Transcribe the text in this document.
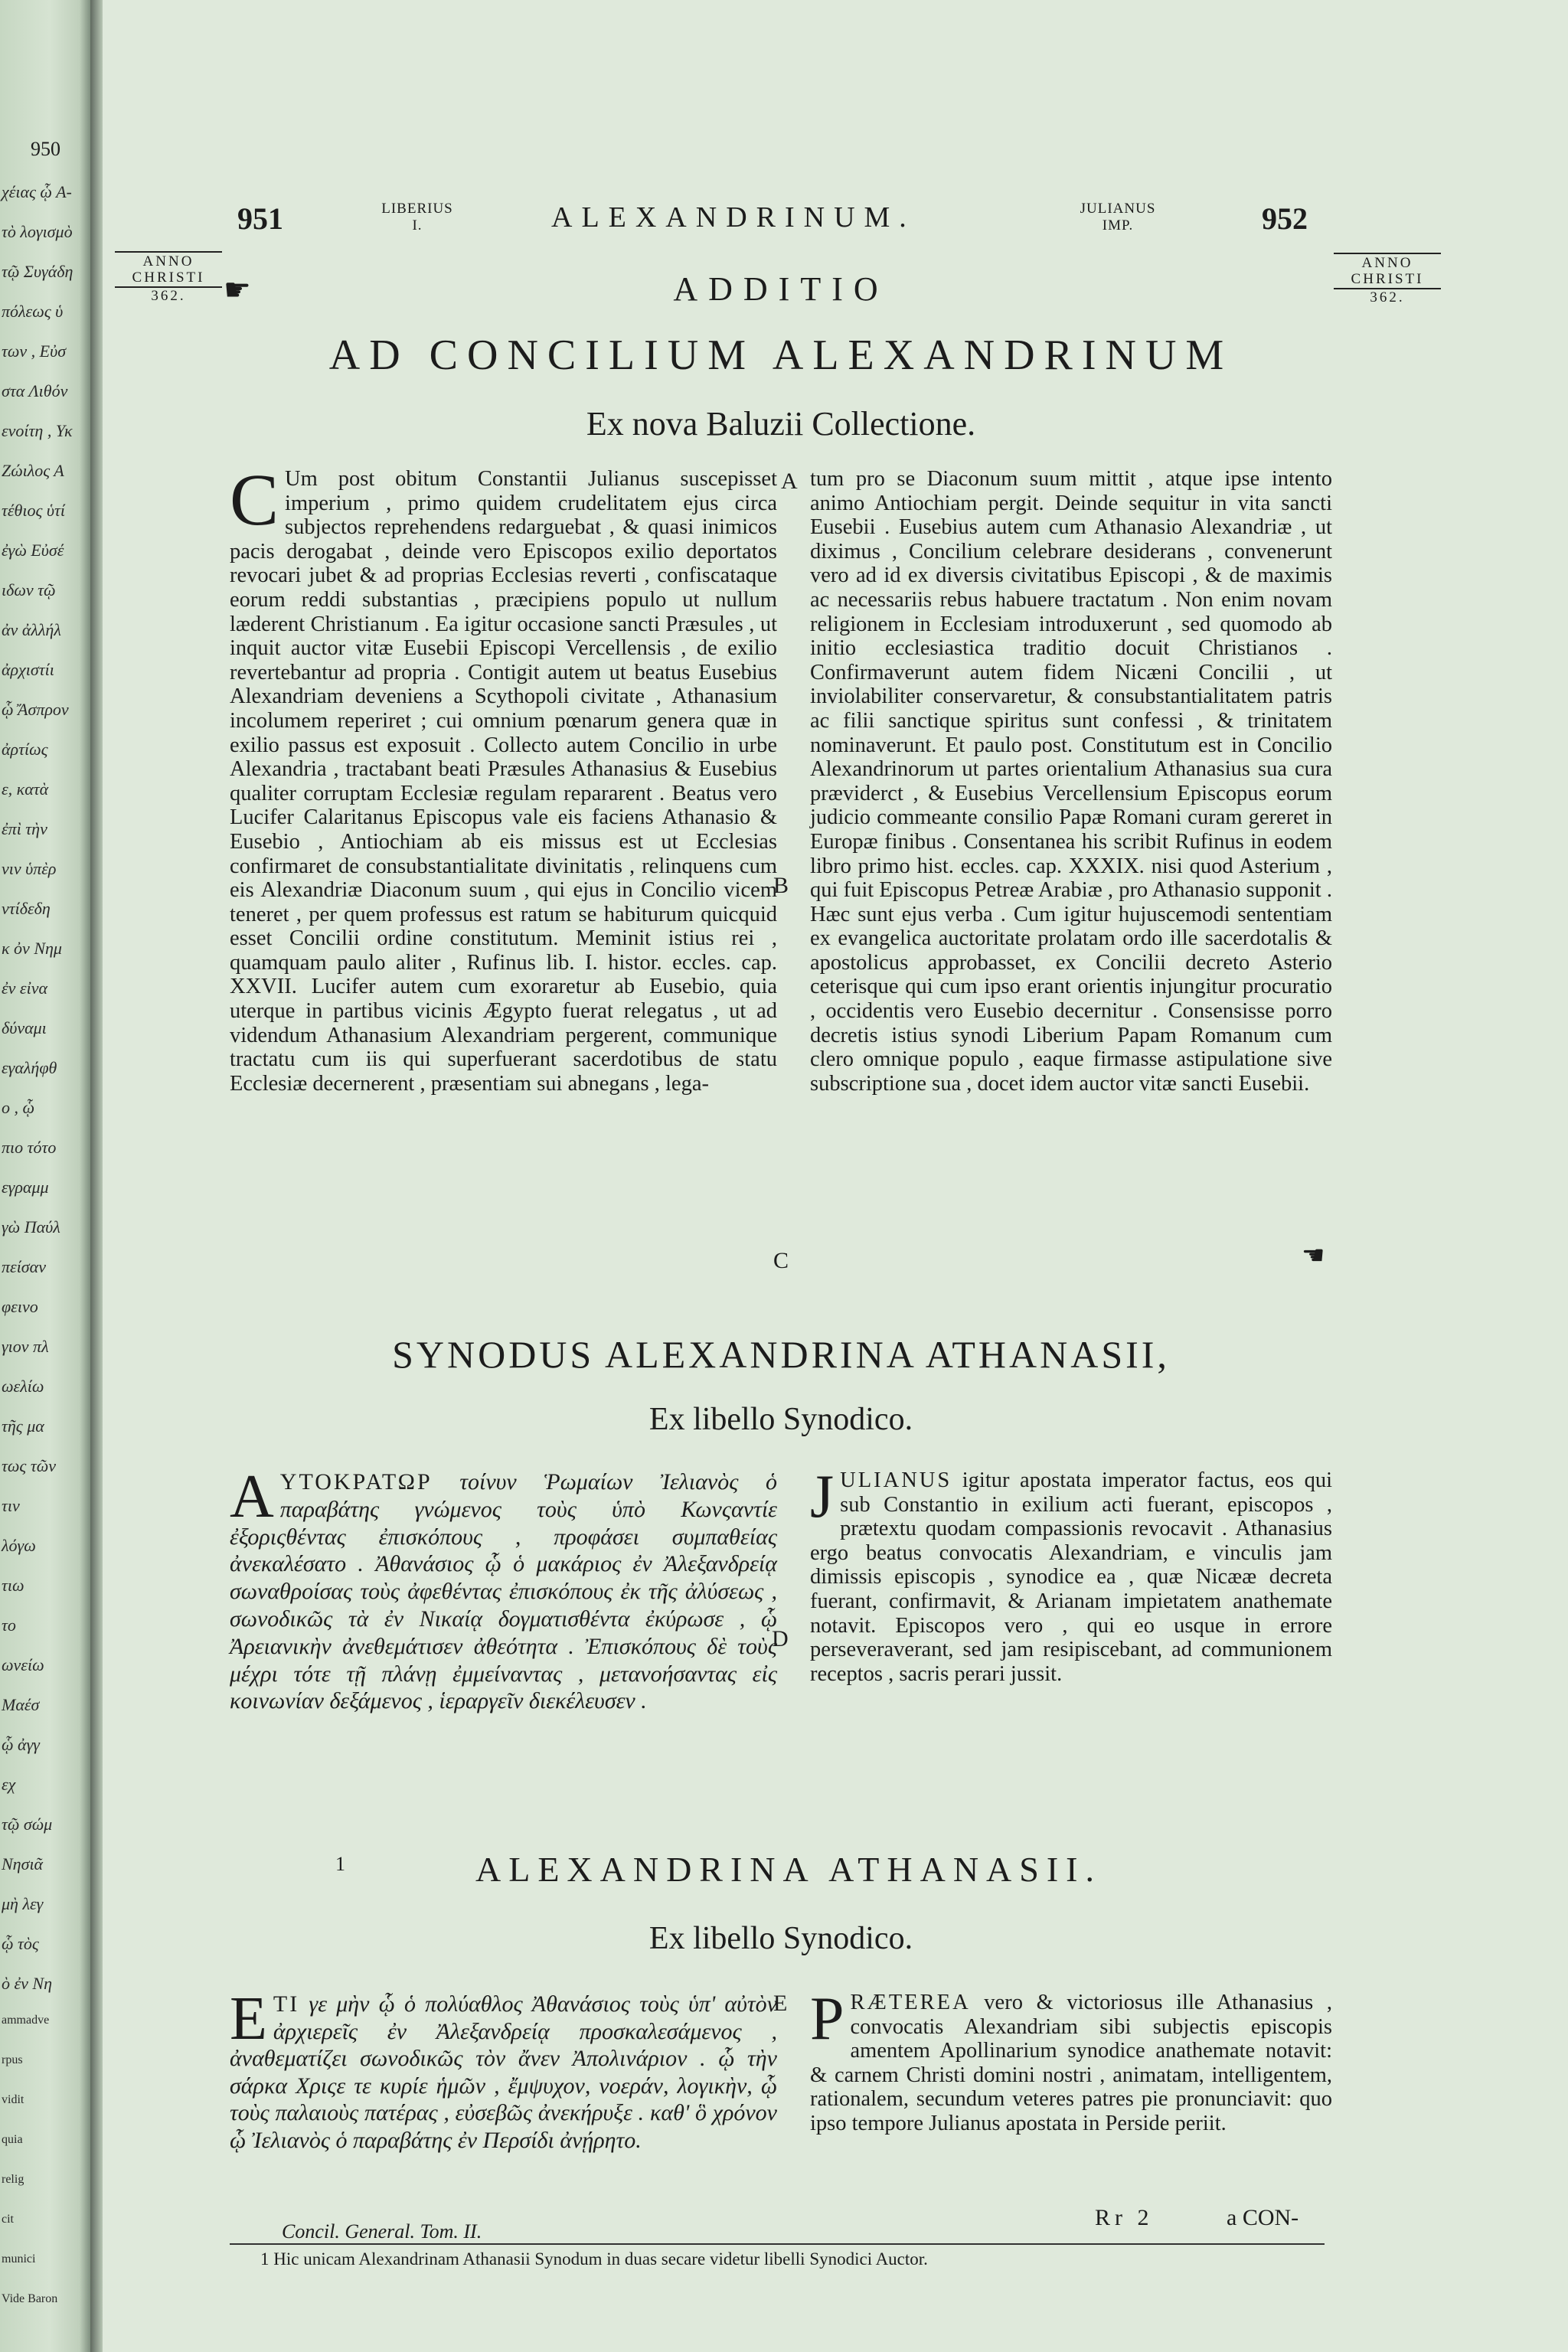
950
χέιας ᾧ Α-
τὸ λογισμὸ
τῷ Συγάδη
πόλεως ὑ
των , Εὐσ
στα Λιθόν
ενοίτη , Υκ
Ζώιλος Α
τέθιος ὑτί
ἐγὼ Εὐσέ
ιδων τῷ
ἀν ἀλλήλ
ἀρχιστίι
ᾧ Ἄσπρον
ἀρτίως
ε, κατὰ
ἐπὶ τὴν
νιν ὑπὲρ
ντίδεδη
κ ὀν Νημ
ἐν εἰνα
δύναμι
εγαλήφθ
ο , ᾧ
πιο τότο
εγραμμ
γὼ Παύλ
πείσαν
φεινο
γιον πλ
ωελίω
τῆς μα
τως τῶν
τιν
λόγω
τιω
το
ωνείω
Μαέσ
ᾧ ἀγγ
εχ
τῷ σώμ
Νησιᾶ
μὴ λεγ
ᾧ τὸς
ὸ ἐν Νη
ammadve
rpus
vidit
quia
relig
cit
munici
Vide Baron
951	LIBERIUS
I.	ALEXANDRINUM.	JULIANUS
IMP.	952
ANNO
CHRISTI
362.	☛
ANNO
CHRISTI
362.
ADDITIO
AD CONCILIUM ALEXANDRINUM
Ex nova Baluzii Collectione.

C Um post obitum Constantii Julianus suscepisset imperium , primo quidem crudelitatem ejus circa subjectos reprehendens redarguebat , & quasi inimicos pacis derogabat , deinde vero Episcopos exilio deportatos revocari jubet & ad proprias Ecclesias reverti , confiscataque eorum reddi substantias , præcipiens populo ut nullum læderent Christianum . Ea igitur occasione sancti Præsules , ut inquit auctor vitæ Eusebii Episcopi Vercellensis , de exilio revertebantur ad propria . Contigit autem ut beatus Eusebius Alexandriam deveniens a Scythopoli civitate , Athanasium incolumem reperiret ; cui omnium pœnarum genera quæ in exilio passus est exposuit . Collecto autem Concilio in urbe Alexandria , tractabant beati Præsules Athanasius & Eusebius qualiter corruptam Ecclesiæ regulam repararent . Beatus vero Lucifer Calaritanus Episcopus vale eis faciens Athanasio & Eusebio , Antiochiam ab eis missus est ut Ecclesias confirmaret de consubstantialitate divinitatis , relinquens cum eis Alexandriæ Diaconum suum , qui ejus in Concilio vicem teneret , per quem professus est ratum se habiturum quicquid esset Concilii ordine constitutum. Meminit istius rei , quamquam paulo aliter , Rufinus lib. I. histor. eccles. cap. XXVII. Lucifer autem cum exoraretur ab Eusebio, quia uterque in partibus vicinis Ægypto fuerat relegatus , ut ad videndum Athanasium Alexandriam pergerent, communique tractatu cum iis qui superfuerant sacerdotibus de statu Ecclesiæ decernerent , præsentiam sui abnegans , lega-

tum pro se Diaconum suum mittit , atque ipse intento animo Antiochiam pergit. Deinde sequitur in vita sancti Eusebii . Eusebius autem cum Athanasio Alexandriæ , ut diximus , Concilium celebrare desiderans , convenerunt vero ad id ex diversis civitatibus Episcopi , & de maximis ac necessariis rebus habuere tractatum . Non enim novam religionem in Ecclesiam introduxerunt , sed quomodo ab initio ecclesiastica traditio docuit Christianos . Confirmaverunt autem fidem Nicæni Concilii , ut inviolabiliter conservaretur, & consubstantialitatem patris ac filii sanctique spiritus sunt confessi , & trinitatem nominaverunt. Et paulo post. Constitutum est in Concilio Alexandrinorum ut partes orientalium Athanasius sua cura præviderct , & Eusebius Vercellensium Episcopus eorum judicio commeante consilio Papæ Romani curam gereret in Europæ finibus . Consentanea his scribit Rufinus in eodem libro primo hist. eccles. cap. XXXIX. nisi quod Asterium , qui fuit Episcopus Petreæ Arabiæ , pro Athanasio supponit . Hæc sunt ejus verba . Cum igitur hujuscemodi sententiam ex evangelica auctoritate prolatam ordo ille sacerdotalis & apostolicus approbasset, ex Concilii decreto Asterio ceterisque qui cum ipso erant orientis injungitur procuratio , occidentis vero Eusebio decernitur . Consensisse porro decretis istius synodi Liberium Papam Romanum cum clero omnique populo , eaque firmasse astipulatione sive subscriptione sua , docet idem auctor vitæ sancti Eusebii.

A
B
C	☚
SYNODUS ALEXANDRINA ATHANASII,
Ex libello Synodico.

ΑΥΤΟΚΡΑΤΩΡ τοίνυν Ῥωμαίων Ἰελιανὸς ὁ παραβάτης γνώμενος τοὺς ὑπὸ Κωνςαντίε ἐξοριςθέντας ἐπισκόπους , προφάσει συμπαθείας ἀνεκαλέσατο . Ἀθανάσιος ᾧ ὁ μακάριος ἐν Ἀλεξανδρείᾳ σωναθροίσας τοὺς ἀφεθέντας ἐπισκόπους ἐκ τῆς ἀλύσεως , σωνοδικῶς τὰ ἐν Νικαίᾳ δογματισθέντα ἐκύρωσε , ᾧ Ἀρειανικὴν ἀνεθεμάτισεν ἀθεότητα . Ἐπισκόπους δὲ τοὺς μέχρι τότε τῇ πλάνῃ ἐμμείναντας , μετανοήσαντας εἰς κοινωνίαν δεξάμενος , ἱεραργεῖν διεκέλευσεν .

D

JULIANUS igitur apostata imperator factus, eos qui sub Constantio in exilium acti fuerant, episcopos , prætextu quodam compassionis revocavit . Athanasius ergo beatus convocatis Alexandriam, e vinculis jam dimissis episcopis , synodice ea , quæ Nicææ decreta fuerant, confirmavit, & Arianam impietatem anathemate notavit. Episcopos vero , qui eo usque in errore perseveraverant, sed jam resipiscebant, ad communionem receptos , sacris perari jussit.

1	ALEXANDRINA ATHANASII.
Ex libello Synodico.

ΕΤΙ γε μὴν ᾧ ὁ πολύαθλος Ἀθανάσιος τοὺς ὑπ' αὐτὸν ἀρχιερεῖς ἐν Ἀλεξανδρείᾳ προσκαλεσάμενος , ἀναθεματίζει σωνοδικῶς τὸν ἄνεν Ἀπολινάριον . ᾧ τὴν σάρκα Χριςε τε κυρίε ἡμῶν , ἔμψυχον, νοεράν, λογικὴν, ᾧ τοὺς παλαιοὺς πατέρας , εὐσεβῶς ἀνεκήρυξε . καθ' ὃ χρόνον ᾧ Ἰελιανὸς ὁ παραβάτης ἐν Περσίδι ἀνῄρητο.

E PRÆTEREA vero & victoriosus ille Athanasius , convocatis Alexandriam sibi subjectis episcopis amentem Apollinarium synodice anathemate notavit: & carnem Christi domini nostri , animatam, intelligentem, rationalem, secundum veteres patres pie pronunciavit: quo ipso tempore Julianus apostata in Perside periit.

Concil. General. Tom. II.
Rr 2	a CON-
1 Hic unicam Alexandrinam Athanasii Synodum in duas secare videtur libelli Synodici Auctor.
